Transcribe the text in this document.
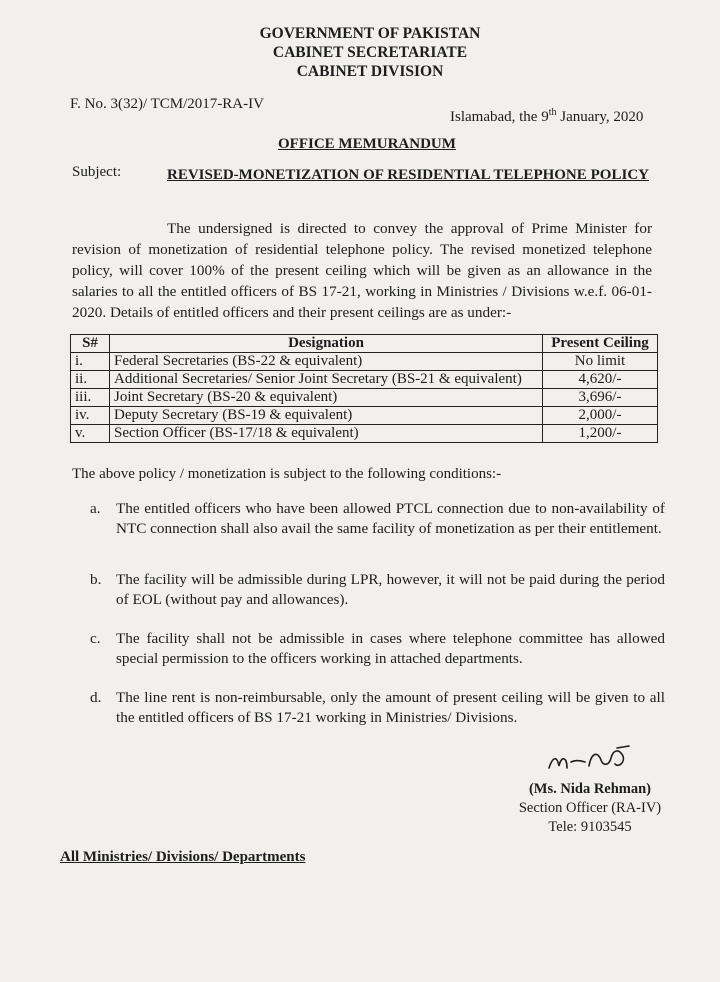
GOVERNMENT OF PAKISTAN
CABINET SECRETARIATE
CABINET DIVISION
F. No. 3(32)/ TCM/2017-RA-IV
Islamabad, the 9th January, 2020
OFFICE MEMURANDUM
Subject:	REVISED-MONETIZATION OF RESIDENTIAL TELEPHONE POLICY
The undersigned is directed to convey the approval of Prime Minister for revision of monetization of residential telephone policy. The revised monetized telephone policy, will cover 100% of the present ceiling which will be given as an allowance in the salaries to all the entitled officers of BS 17-21, working in Ministries / Divisions w.e.f. 06-01-2020. Details of entitled officers and their present ceilings are as under:-
S#	Designation	Present Ceiling
i.	Federal Secretaries (BS-22 & equivalent)	No limit
ii.	Additional Secretaries/ Senior Joint Secretary (BS-21 & equivalent)	4,620/-
iii.	Joint Secretary (BS-20 & equivalent)	3,696/-
iv.	Deputy Secretary (BS-19 & equivalent)	2,000/-
v.	Section Officer (BS-17/18 & equivalent)	1,200/-
The above policy / monetization is subject to the following conditions:-
a. The entitled officers who have been allowed PTCL connection due to non-availability of NTC connection shall also avail the same facility of monetization as per their entitlement.
b. The facility will be admissible during LPR, however, it will not be paid during the period of EOL (without pay and allowances).
c. The facility shall not be admissible in cases where telephone committee has allowed special permission to the officers working in attached departments.
d. The line rent is non-reimbursable, only the amount of present ceiling will be given to all the entitled officers of BS 17-21 working in Ministries/ Divisions.
(Ms. Nida Rehman)
Section Officer (RA-IV)
Tele: 9103545
All Ministries/ Divisions/ Departments
